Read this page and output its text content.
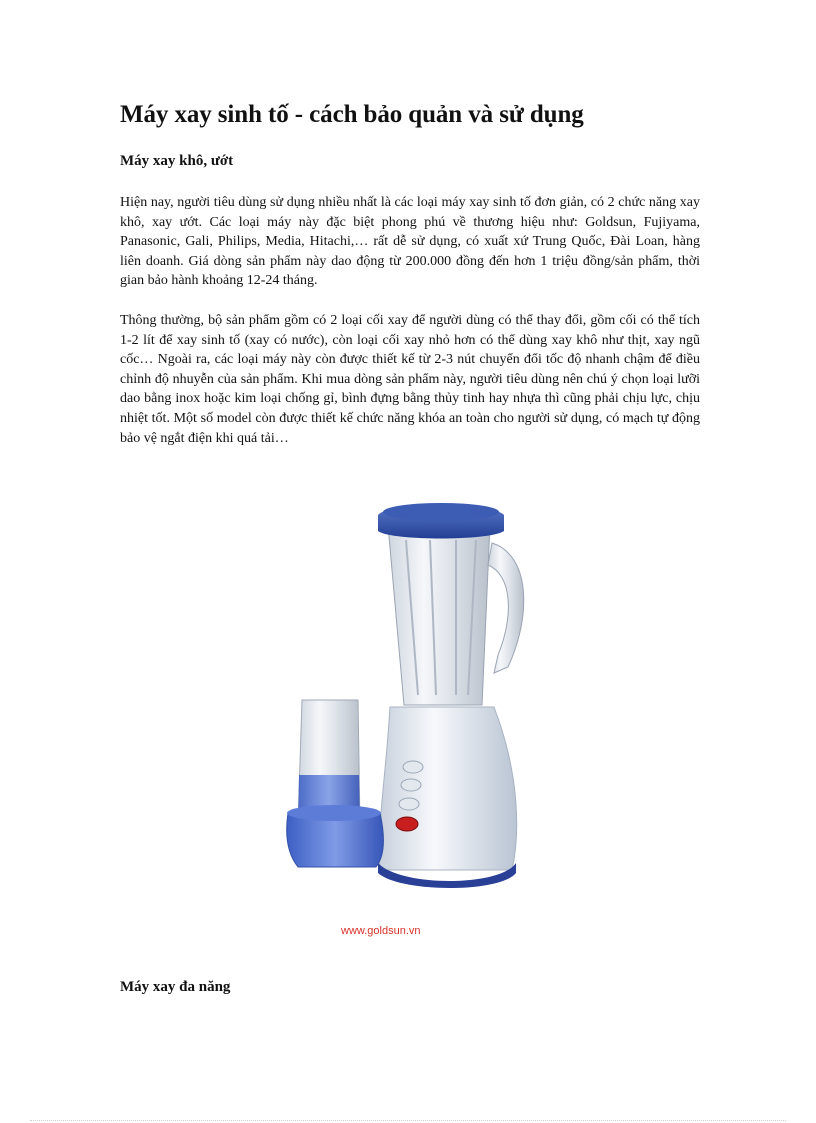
Máy xay sinh tố - cách bảo quản và sử dụng
Máy xay khô, ướt

Hiện nay, người tiêu dùng sử dụng nhiều nhất là các loại máy xay sinh tố đơn giản, có 2 chức năng xay khô, xay ướt. Các loại máy này đặc biệt phong phú về thương hiệu như: Goldsun, Fujiyama, Panasonic, Gali, Philips, Media, Hitachi,… rất dễ sử dụng, có xuất xứ Trung Quốc, Đài Loan, hàng liên doanh. Giá dòng sản phẩm này dao động từ 200.000 đồng đến hơn 1 triệu đồng/sản phẩm, thời gian bảo hành khoảng 12-24 tháng.

Thông thường, bộ sản phẩm gồm có 2 loại cối xay để người dùng có thể thay đổi, gồm cối có thể tích 1-2 lít để xay sinh tố (xay có nước), còn loại cối xay nhỏ hơn có thể dùng xay khô như thịt, xay ngũ cốc… Ngoài ra, các loại máy này còn được thiết kế từ 2-3 nút chuyển đổi tốc độ nhanh chậm để điều chỉnh độ nhuyễn của sản phẩm. Khi mua dòng sản phẩm này, người tiêu dùng nên chú ý chọn loại lưỡi dao bằng inox hoặc kim loại chống gỉ, bình đựng bằng thủy tinh hay nhựa thì cũng phải chịu lực, chịu nhiệt tốt. Một số model còn được thiết kế chức năng khóa an toàn cho người sử dụng, có mạch tự động bảo vệ ngắt điện khi quá tải…

www.goldsun.vn
Máy xay đa năng
